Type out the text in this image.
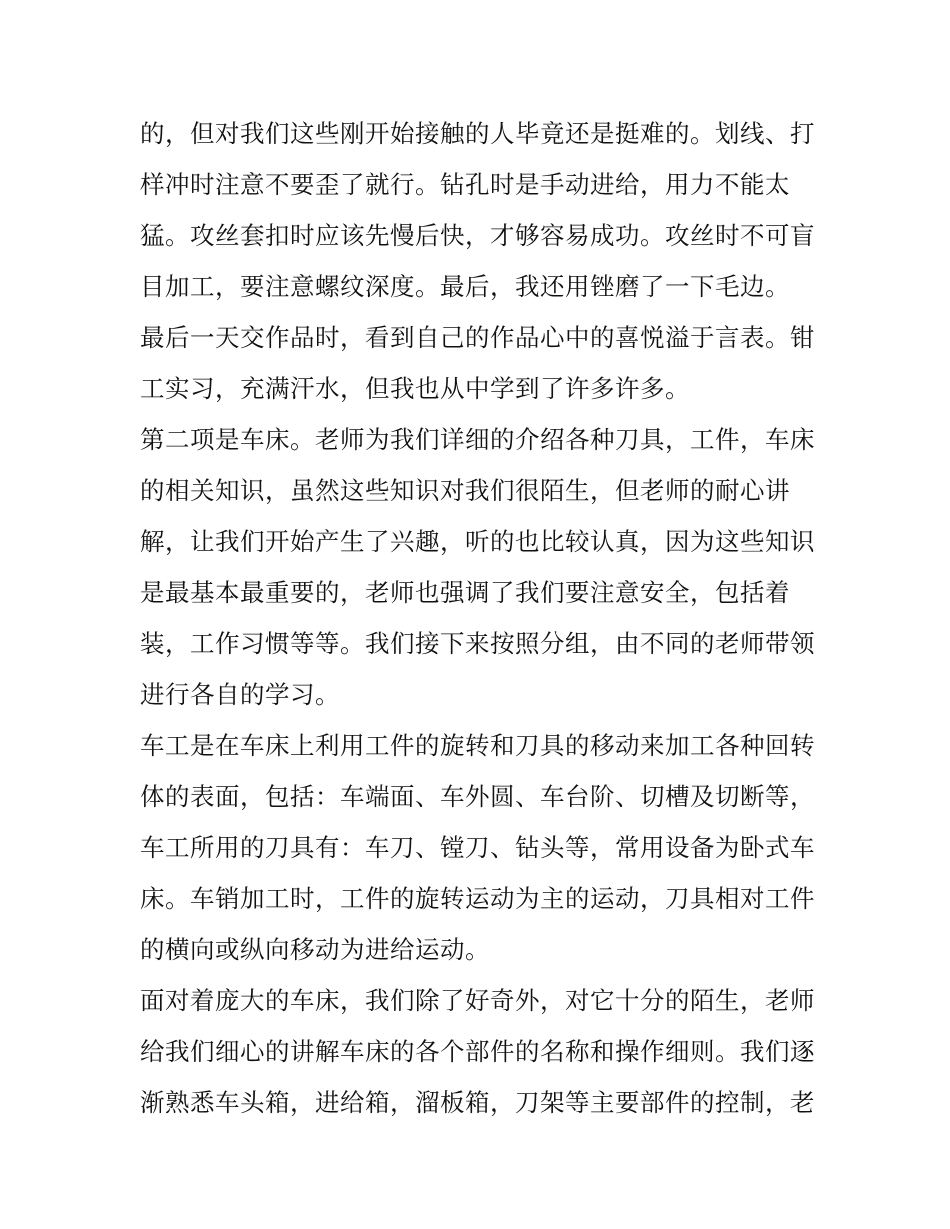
的，但对我们这些刚开始接触的人毕竟还是挺难的。划线、打
样冲时注意不要歪了就行。钻孔时是手动进给，用力不能太
猛。攻丝套扣时应该先慢后快，才够容易成功。攻丝时不可盲
目加工，要注意螺纹深度。最后，我还用锉磨了一下毛边。

最后一天交作品时，看到自己的作品心中的喜悦溢于言表。钳
工实习，充满汗水，但我也从中学到了许多许多。

第二项是车床。老师为我们详细的介绍各种刀具，工件，车床
的相关知识，虽然这些知识对我们很陌生，但老师的耐心讲
解，让我们开始产生了兴趣，听的也比较认真，因为这些知识
是最基本最重要的，老师也强调了我们要注意安全，包括着
装，工作习惯等等。我们接下来按照分组，由不同的老师带领
进行各自的学习。

车工是在车床上利用工件的旋转和刀具的移动来加工各种回转
体的表面，包括：车端面、车外圆、车台阶、切槽及切断等，
车工所用的刀具有：车刀、镗刀、钻头等，常用设备为卧式车
床。车销加工时，工件的旋转运动为主的运动，刀具相对工件
的横向或纵向移动为进给运动。

面对着庞大的车床，我们除了好奇外，对它十分的陌生，老师
给我们细心的讲解车床的各个部件的名称和操作细则。我们逐
渐熟悉车头箱，进给箱，溜板箱，刀架等主要部件的控制，老
